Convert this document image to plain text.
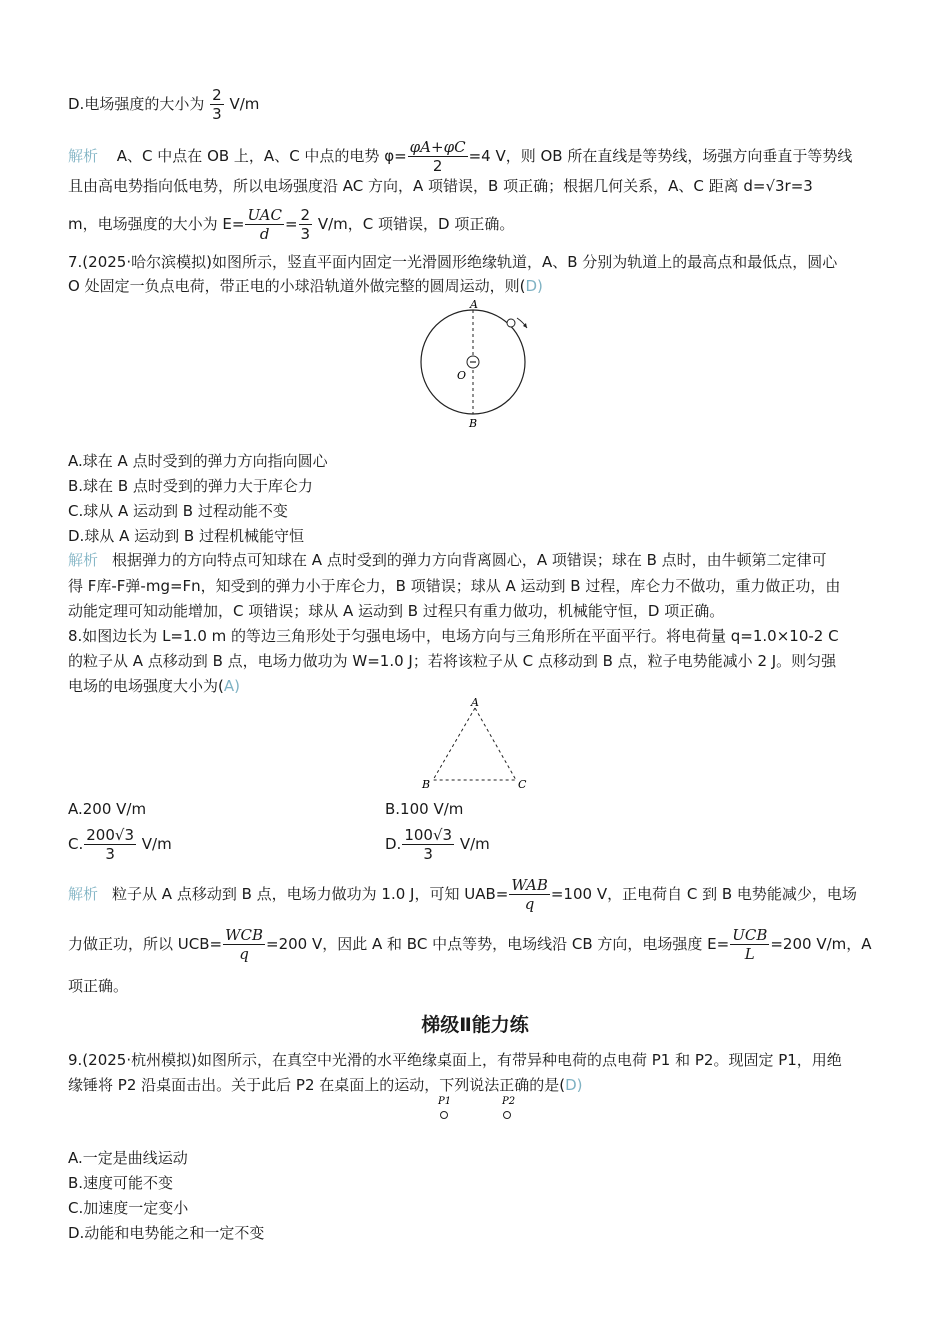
D.电场强度的大小为 $\frac{2}{3} V/m$
解析 A、C 中点在 OB 上，A、C 中点的电势 $\varphi= \frac{\varphi A+\varphi C}{2} =4$ V，则 OB 所在直线是等势线，场强方向垂直于等势线
且由高电势指向低电势，所以电场强度沿 AC 方向，A 项错误，B 项正确；根据几何关系，A、C 距离 d=√3r=3
m，电场强度的大小为 $E= \frac{\text{UAC}}{d} = \frac{2}{3} V/m$，C 项错误，D 项正确。
7.(2025·哈尔滨模拟)如图所示，竖直平面内固定一光滑圆形绝缘轨道，A、B 分别为轨道上的最高点和最低点，圆心
O 处固定一负点电荷，带正电的小球沿轨道外做完整的圆周运动，则(D)
A
B
O
A.球在 A 点时受到的弹力方向指向圆心
B.球在 B 点时受到的弹力大于库仑力
C.球从 A 运动到 B 过程动能不变
D.球从 A 运动到 B 过程机械能守恒
解析 根据弹力的方向特点可知球在 A 点时受到的弹力方向背离圆心，A 项错误；球在 B 点时，由牛顿第二定律可
得 F库-F弹-mg=Fn，知受到的弹力小于库仑力，B 项错误；球从 A 运动到 B 过程，库仑力不做功，重力做正功，由
动能定理可知动能增加，C 项错误；球从 A 运动到 B 过程只有重力做功，机械能守恒，D 项正确。
8.如图边长为 L=1.0 m 的等边三角形处于匀强电场中，电场方向与三角形所在平面平行。将电荷量 q=1.0×10-2 C
的粒子从 A 点移动到 B 点，电场力做功为 W=1.0 J；若将该粒子从 C 点移动到 B 点，粒子电势能减小 2 J。则匀强
电场的电场强度大小为(A)
A
B	C
A.200 V/m	B.100 V/m
C. $\frac{200√3}{3} V/m$	D. $\frac{100√3}{3} V/m$
解析 粒子从 A 点移动到 B 点，电场力做功为 1.0 J，可知 $UAB= \frac{\text{WAB}}{q} =100$ V，正电荷自 C 到 B 电势能减少，电场
力做正功，所以 $UCB= \frac{\text{WCB}}{q} =200$ V，因此 A 和 BC 中点等势，电场线沿 CB 方向，电场强度 $E= \frac{\text{UCB}}{L} =200$ V/m，A
项正确。
梯级Ⅱ能力练
9.(2025·杭州模拟)如图所示，在真空中光滑的水平绝缘桌面上，有带异种电荷的点电荷 P1 和 P2。现固定 P1，用绝
缘锤将 P2 沿桌面击出。关于此后 P2 在桌面上的运动，下列说法正确的是(D)
P1	P2
A.一定是曲线运动
B.速度可能不变
C.加速度一定变小
D.动能和电势能之和一定不变
